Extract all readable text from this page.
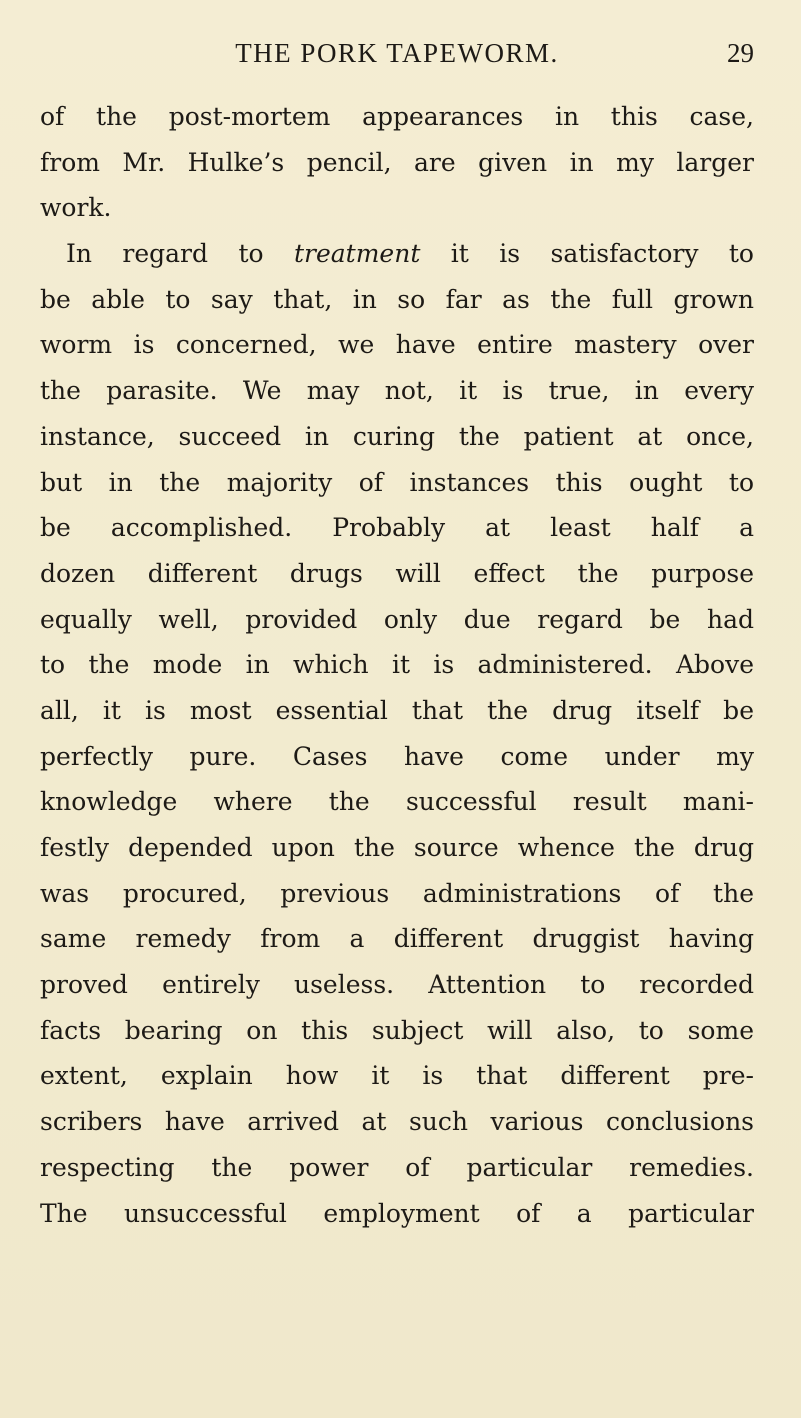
THE PORK TAPEWORM.	29
of the post-mortem appearances in this case,
from Mr. Hulke’s pencil, are given in my larger
work.
In regard to treatment it is satisfactory to
be able to say that, in so far as the full grown
worm is concerned, we have entire mastery over
the parasite. We may not, it is true, in every
instance, succeed in curing the patient at once,
but in the majority of instances this ought to
be accomplished. Probably at least half a
dozen different drugs will effect the purpose
equally well, provided only due regard be had
to the mode in which it is administered. Above
all, it is most essential that the drug itself be
perfectly pure. Cases have come under my
knowledge where the successful result mani-
festly depended upon the source whence the drug
was procured, previous administrations of the
same remedy from a different druggist having
proved entirely useless. Attention to recorded
facts bearing on this subject will also, to some
extent, explain how it is that different pre-
scribers have arrived at such various conclusions
respecting the power of particular remedies.
The unsuccessful employment of a particular
